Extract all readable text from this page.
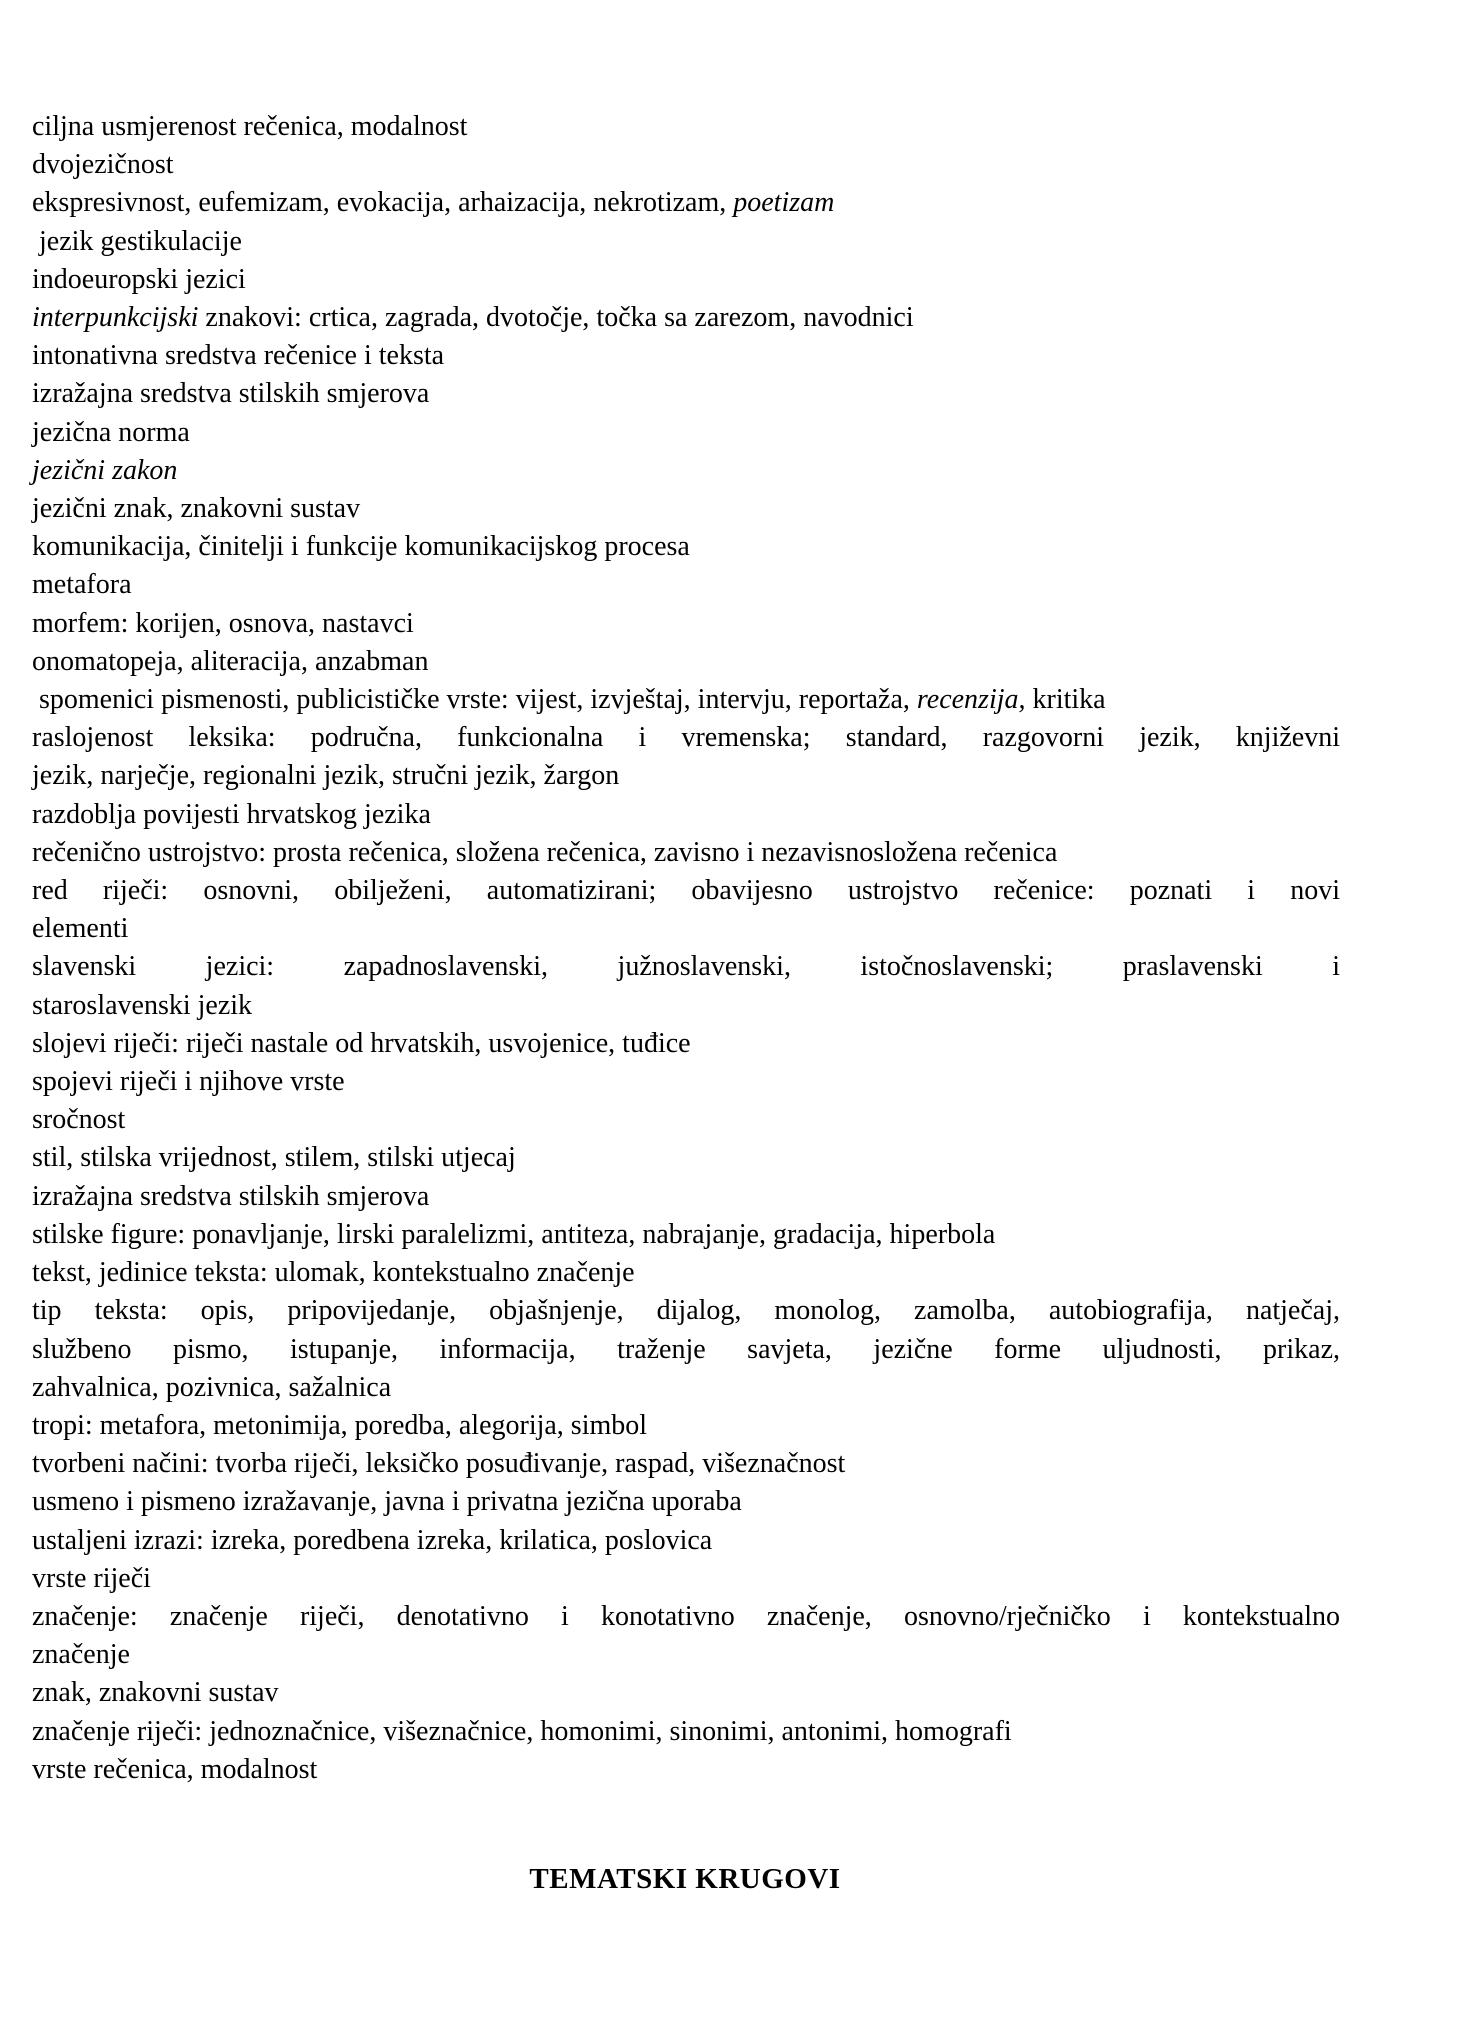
ciljna usmjerenost rečenica, modalnost
dvojezičnost
ekspresivnost, eufemizam, evokacija, arhaizacija, nekrotizam, poetizam
jezik gestikulacije
indoeuropski jezici
interpunkcijski znakovi: crtica, zagrada, dvotočje, točka sa zarezom, navodnici
intonativna sredstva rečenice i teksta
izražajna sredstva stilskih smjerova
jezična norma
jezični zakon
jezični znak, znakovni sustav
komunikacija, činitelji i funkcije komunikacijskog procesa
metafora
morfem: korijen, osnova, nastavci
onomatopeja, aliteracija, anzabman
spomenici pismenosti, publicističke vrste: vijest, izvještaj, intervju, reportaža, recenzija, kritika
raslojenost leksika: područna, funkcionalna i vremenska; standard, razgovorni jezik, književni
jezik, narječje, regionalni jezik, stručni jezik, žargon
razdoblja povijesti hrvatskog jezika
rečenično ustrojstvo: prosta rečenica, složena rečenica, zavisno i nezavisnosložena rečenica
red riječi: osnovni, obilježeni, automatizirani; obavijesno ustrojstvo rečenice: poznati i novi
elementi
slavenski jezici: zapadnoslavenski, južnoslavenski, istočnoslavenski; praslavenski i
staroslavenski jezik
slojevi riječi: riječi nastale od hrvatskih, usvojenice, tuđice
spojevi riječi i njihove vrste
sročnost
stil, stilska vrijednost, stilem, stilski utjecaj
izražajna sredstva stilskih smjerova
stilske figure: ponavljanje, lirski paralelizmi, antiteza, nabrajanje, gradacija, hiperbola
tekst, jedinice teksta: ulomak, kontekstualno značenje
tip teksta: opis, pripovijedanje, objašnjenje, dijalog, monolog, zamolba, autobiografija, natječaj,
službeno pismo, istupanje, informacija, traženje savjeta, jezične forme uljudnosti, prikaz,
zahvalnica, pozivnica, sažalnica
tropi: metafora, metonimija, poredba, alegorija, simbol
tvorbeni načini: tvorba riječi, leksičko posuđivanje, raspad, višeznačnost
usmeno i pismeno izražavanje, javna i privatna jezična uporaba
ustaljeni izrazi: izreka, poredbena izreka, krilatica, poslovica
vrste riječi
značenje: značenje riječi, denotativno i konotativno značenje, osnovno/rječničko i kontekstualno
značenje
znak, znakovni sustav
značenje riječi: jednoznačnice, višeznačnice, homonimi, sinonimi, antonimi, homografi
vrste rečenica, modalnost
TEMATSKI KRUGOVI
